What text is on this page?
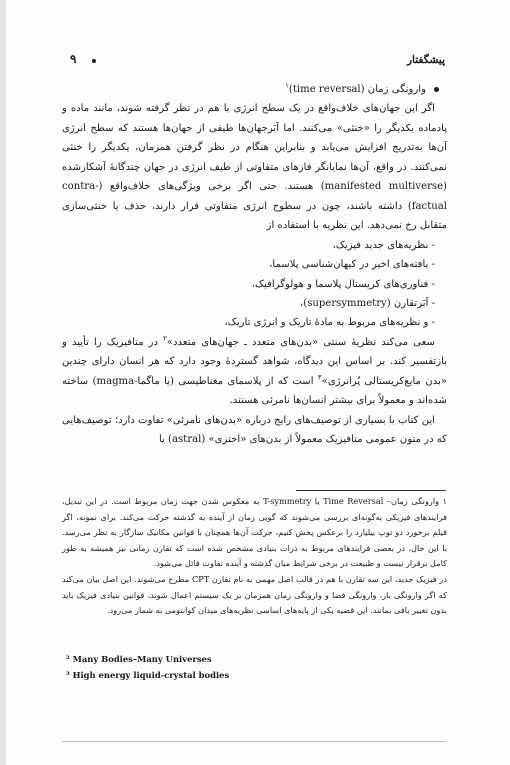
پیشگفتار
۹
وارونگی زمان (time reversal)$^۱$

اگر این جهان‌های خلاف‌واقع در یک سطح انرژی با هم در تظر گرفته شوند، مانند ماده و پادماده یکدیگر را «خنثی» می‌کنند. اما اَبَرجهان‌ها طیفی از جهان‌ها هستند که سطح انرژی آن‌ها به‌تدریج افزایش می‌یابد و بنابراین هنگام در نظر گرفتن همزمان، یکدیگر را خنثی نمی‌کنند. در واقع، آن‌ها نمایانگر فازهای متفاوتی از طیف انرژی در جهان چندگانۀ آشکارشده (manifested multiverse) هستند. حتی اگر برخی ویژگی‌های خلاف‌واقع (contra-factual) داشته باشند، چون در سطوح انرژی متفاوتی قرار دارند، حذف یا خنثی‌سازی متقابل رخ نمی‌دهد. این نظریه با استفاده از

- نظریه‌های جدید فیزیک،
- یافته‌های اخیر در کیهان‌شناسی پلاسما،
- فناوری‌های کریستال پلاسما و هولوگرافیک،
- اَبَرتقارن (supersymmetry)،
- و نظریه‌های مربوط به مادۀ تاریک و انرژی تاریک،

سعی می‌کند نظریۀ سنتی «بدن‌های متعدد ـ جهان‌های متعدد»$^۲$ در متافیزیک را تأیید و بازتفسیر کند. بر اساس این دیدگاه، شواهد گستردۀ وجود دارد که هر انسان دارای چندین «بدن مایع‌کریستالی پُرانرژی»$^۳$ است که از پلاسمای مغناطیسی (یا ماگما-magma) ساخته شده‌اند و معمولاً برای بیشتر انسان‌ها نامرئی هستند.

این کتاب با بسیاری از توصیف‌های رایج درباره «بدن‌های نامرئی» تفاوت دارد؛ توصیف‌هایی که در متون عمومی متافیزیک معمولاً از بدن‌های «اختری» (astral) یا

۱ وارونگی زمان– Time Reversal یا T-symmetry به معکوس شدن جهت زمان مربوط است. در این تبدیل، فرایندهای فیزیکی به‌گونه‌ای بررسی می‌شوند که گویی زمان از آینده به گذشته حرکت می‌کند. برای نمونه، اگر فیلم برخورد دو توپ بیلیارد را برعکس پخش کنیم، حرکت آن‌ها همچنان با قوانین مکانیک سازگار به نظر می‌رسد. با این حال، در بعضی فرایندهای مربوط به ذرات بنیادی مشخص شده است که تقارن زمانی نیز همیشه به طور کامل برقرار نیست و طبیعت در برخی شرایط میان گذشته و آینده تفاوت قائل می‌شود.

در فیزیک جدید، این سه تقارن با هم در قالب اصل مهمی به نام تقارن CPT مطرح می‌شوند. این اصل بیان می‌کند که اگر وارونگی بار، وارونگی فضا و وارونگی زمان همزمان بر یک سیستم اعمال شوند، قوانین بنیادی فیزیک باید بدون تغییر باقی بمانند. این قضیه یکی از پایه‌های اساسی نظریه‌های میدان کوانتومی به شمار می‌رود.

² Many Bodies–Many Universes

³ High energy liquid-crystal bodies
